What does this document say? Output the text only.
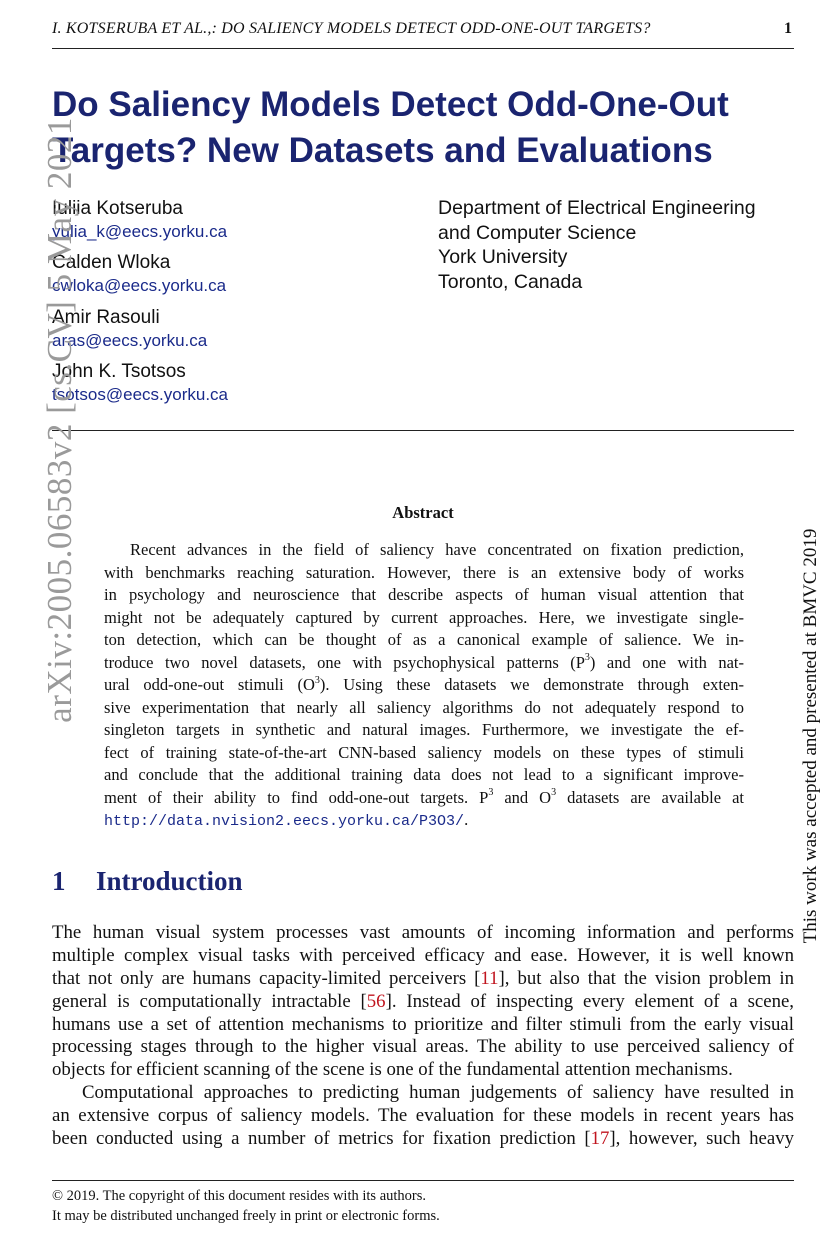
I. KOTSERUBA ET AL.,: DO SALIENCY MODELS DETECT ODD-ONE-OUT TARGETS?	1
Do Saliency Models Detect Odd-One-Out
Targets? New Datasets and Evaluations
Iuliia Kotseruba
yulia_k@eecs.yorku.ca
Calden Wloka
cwloka@eecs.yorku.ca
Amir Rasouli
aras@eecs.yorku.ca
John K. Tsotsos
tsotsos@eecs.yorku.ca
Department of Electrical Engineering
and Computer Science
York University
Toronto, Canada
Abstract
Recent advances in the field of saliency have concentrated on fixation prediction,
with benchmarks reaching saturation. However, there is an extensive body of works
in psychology and neuroscience that describe aspects of human visual attention that
might not be adequately captured by current approaches. Here, we investigate single-
ton detection, which can be thought of as a canonical example of salience. We in-
troduce two novel datasets, one with psychophysical patterns $(P^3)$ and one with nat-
ural odd-one-out stimuli $(O^3)$. Using these datasets we demonstrate through exten-
sive experimentation that nearly all saliency algorithms do not adequately respond to
singleton targets in synthetic and natural images. Furthermore, we investigate the ef-
fect of training state-of-the-art CNN-based saliency models on these types of stimuli
and conclude that the additional training data does not lead to a significant improve-
ment of their ability to find odd-one-out targets. $P^3$ and $O^3$ datasets are available at
http://data.nvision2.eecs.yorku.ca/P3O3/.
1 Introduction
The human visual system processes vast amounts of incoming information and performs
multiple complex visual tasks with perceived efficacy and ease. However, it is well known
that not only are humans capacity-limited perceivers [11], but also that the vision problem in
general is computationally intractable [56]. Instead of inspecting every element of a scene,
humans use a set of attention mechanisms to prioritize and filter stimuli from the early visual
processing stages through to the higher visual areas. The ability to use perceived saliency of
objects for efficient scanning of the scene is one of the fundamental attention mechanisms.
Computational approaches to predicting human judgements of saliency have resulted in
an extensive corpus of saliency models. The evaluation for these models in recent years has
been conducted using a number of metrics for fixation prediction [17], however, such heavy
© 2019. The copyright of this document resides with its authors.
It may be distributed unchanged freely in print or electronic forms.
arXiv:2005.06583v2 [cs.CV] 5 May 2021
This work was accepted and presented at BMVC 2019
